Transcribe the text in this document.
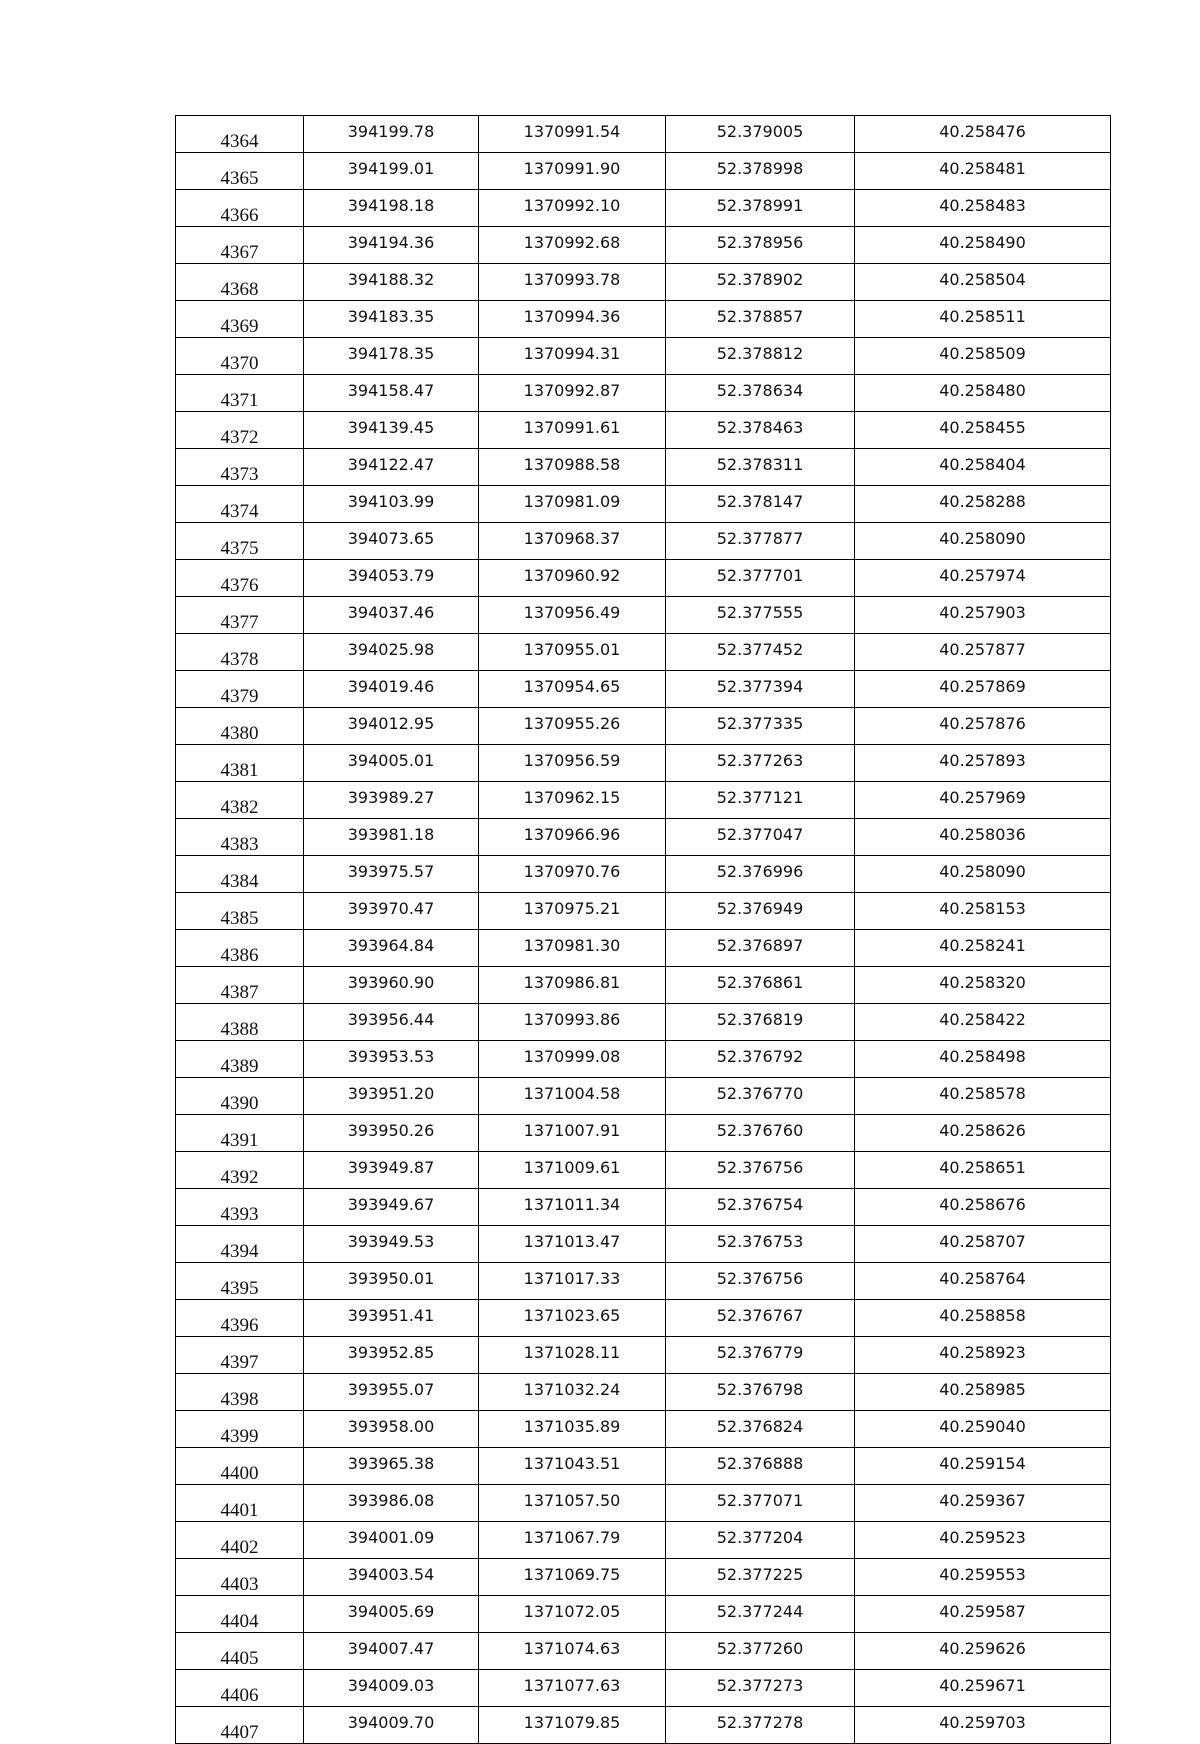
4364	394199.78	1370991.54	52.379005	40.258476
4365	394199.01	1370991.90	52.378998	40.258481
4366	394198.18	1370992.10	52.378991	40.258483
4367	394194.36	1370992.68	52.378956	40.258490
4368	394188.32	1370993.78	52.378902	40.258504
4369	394183.35	1370994.36	52.378857	40.258511
4370	394178.35	1370994.31	52.378812	40.258509
4371	394158.47	1370992.87	52.378634	40.258480
4372	394139.45	1370991.61	52.378463	40.258455
4373	394122.47	1370988.58	52.378311	40.258404
4374	394103.99	1370981.09	52.378147	40.258288
4375	394073.65	1370968.37	52.377877	40.258090
4376	394053.79	1370960.92	52.377701	40.257974
4377	394037.46	1370956.49	52.377555	40.257903
4378	394025.98	1370955.01	52.377452	40.257877
4379	394019.46	1370954.65	52.377394	40.257869
4380	394012.95	1370955.26	52.377335	40.257876
4381	394005.01	1370956.59	52.377263	40.257893
4382	393989.27	1370962.15	52.377121	40.257969
4383	393981.18	1370966.96	52.377047	40.258036
4384	393975.57	1370970.76	52.376996	40.258090
4385	393970.47	1370975.21	52.376949	40.258153
4386	393964.84	1370981.30	52.376897	40.258241
4387	393960.90	1370986.81	52.376861	40.258320
4388	393956.44	1370993.86	52.376819	40.258422
4389	393953.53	1370999.08	52.376792	40.258498
4390	393951.20	1371004.58	52.376770	40.258578
4391	393950.26	1371007.91	52.376760	40.258626
4392	393949.87	1371009.61	52.376756	40.258651
4393	393949.67	1371011.34	52.376754	40.258676
4394	393949.53	1371013.47	52.376753	40.258707
4395	393950.01	1371017.33	52.376756	40.258764
4396	393951.41	1371023.65	52.376767	40.258858
4397	393952.85	1371028.11	52.376779	40.258923
4398	393955.07	1371032.24	52.376798	40.258985
4399	393958.00	1371035.89	52.376824	40.259040
4400	393965.38	1371043.51	52.376888	40.259154
4401	393986.08	1371057.50	52.377071	40.259367
4402	394001.09	1371067.79	52.377204	40.259523
4403	394003.54	1371069.75	52.377225	40.259553
4404	394005.69	1371072.05	52.377244	40.259587
4405	394007.47	1371074.63	52.377260	40.259626
4406	394009.03	1371077.63	52.377273	40.259671
4407	394009.70	1371079.85	52.377278	40.259703
